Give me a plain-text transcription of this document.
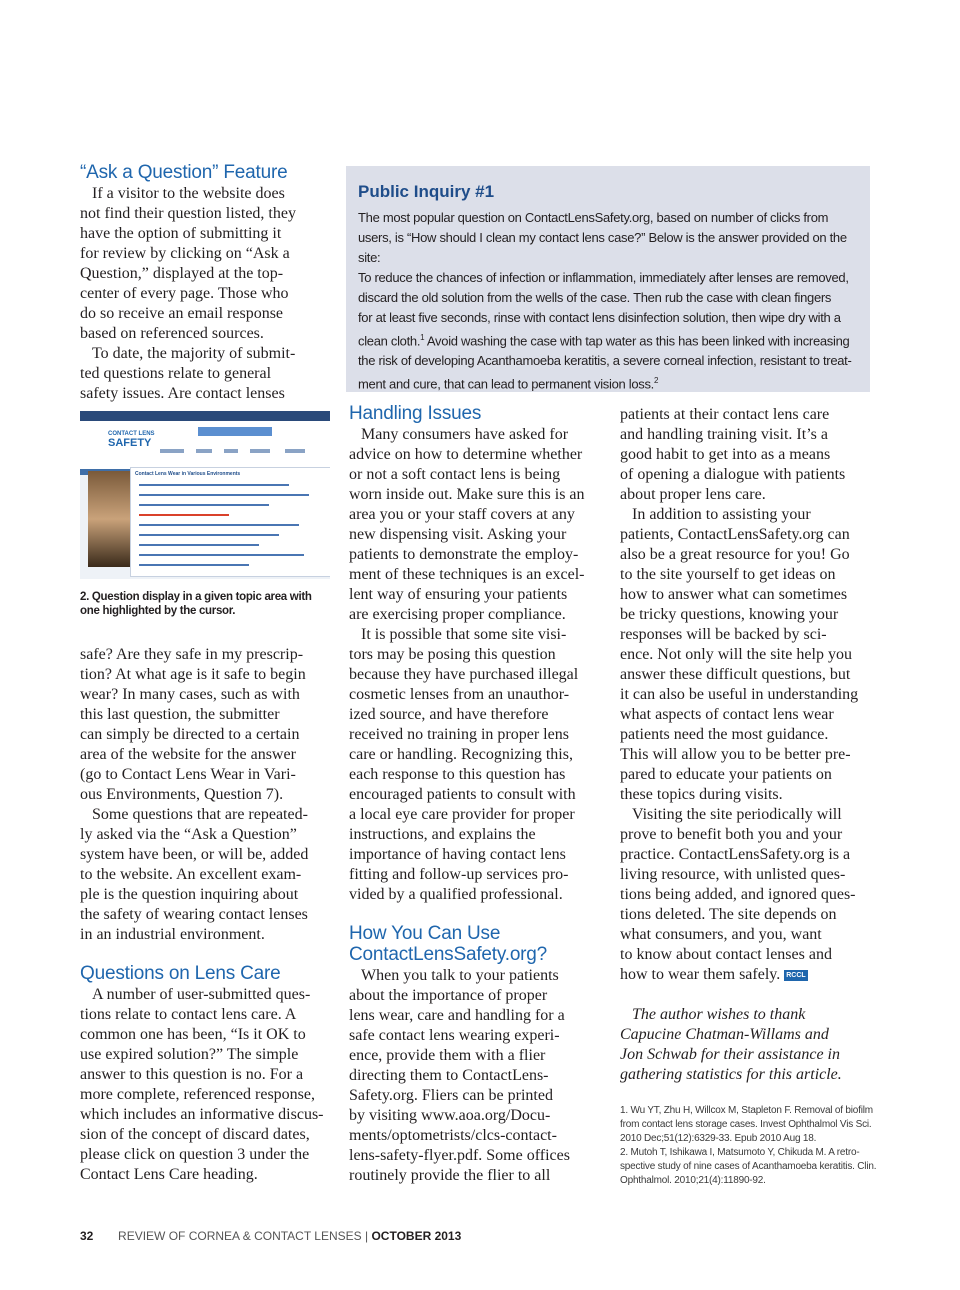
“Ask a Question” Feature
If a visitor to the website does
not find their question listed, they
have the option of submitting it
for review by clicking on “Ask a
Question,” displayed at the top-
center of every page. Those who
do so receive an email response
based on referenced sources.
To date, the majority of submit-
ted questions relate to general
safety issues. Are contact lenses
CONTACT LENS
SAFETY
Contact Lens Wear in Various Environments
2. Question display in a given topic area with
one highlighted by the cursor.
safe? Are they safe in my prescrip-
tion? At what age is it safe to begin
wear? In many cases, such as with
this last question, the submitter
can simply be directed to a certain
area of the website for the answer
(go to Contact Lens Wear in Vari-
ous Environments, Question 7).
Some questions that are repeated-
ly asked via the “Ask a Question”
system have been, or will be, added
to the website. An excellent exam-
ple is the question inquiring about
the safety of wearing contact lenses
in an industrial environment.
Questions on Lens Care
A number of user-submitted ques-
tions relate to contact lens care. A
common one has been, “Is it OK to
use expired solution?” The simple
answer to this question is no. For a
more complete, referenced response,
which includes an informative discus-
sion of the concept of discard dates,
please click on question 3 under the
Contact Lens Care heading.
Public Inquiry #1

The most popular question on ContactLensSafety.org, based on number of clicks from

users, is “How should I clean my contact lens case?” Below is the answer provided on the

site:

To reduce the chances of infection or inflammation, immediately after lenses are removed,

discard the old solution from the wells of the case. Then rub the case with clean fingers

for at least five seconds, rinse with contact lens disinfection solution, then wipe dry with a

clean cloth.$^1$ Avoid washing the case with tap water as this has been linked with increasing

the risk of developing Acanthamoeba keratitis, a severe corneal infection, resistant to treat-

ment and cure, that can lead to permanent vision loss.$^2$

Handling Issues
Many consumers have asked for
advice on how to determine whether
or not a soft contact lens is being
worn inside out. Make sure this is an
area you or your staff covers at any
new dispensing visit. Asking your
patients to demonstrate the employ-
ment of these techniques is an excel-
lent way of ensuring your patients
are exercising proper compliance.
It is possible that some site visi-
tors may be posing this question
because they have purchased illegal
cosmetic lenses from an unauthor-
ized source, and have therefore
received no training in proper lens
care or handling. Recognizing this,
each response to this question has
encouraged patients to consult with
a local eye care provider for proper
instructions, and explains the
importance of having contact lens
fitting and follow-up services pro-
vided by a qualified professional.
How You Can Use
ContactLensSafety.org?
When you talk to your patients
about the importance of proper
lens wear, care and handling for a
safe contact lens wearing experi-
ence, provide them with a flier
directing them to ContactLens-
Safety.org. Fliers can be printed
by visiting www.aoa.org/Docu-
ments/optometrists/clcs-contact-
lens-safety-flyer.pdf. Some offices
routinely provide the flier to all
patients at their contact lens care
and handling training visit. It’s a
good habit to get into as a means
of opening a dialogue with patients
about proper lens care.
In addition to assisting your
patients, ContactLensSafety.org can
also be a great resource for you! Go
to the site yourself to get ideas on
how to answer what can sometimes
be tricky questions, knowing your
responses will be backed by sci-
ence. Not only will the site help you
answer these difficult questions, but
it can also be useful in understanding
what aspects of contact lens wear
patients need the most guidance.
This will allow you to be better pre-
pared to educate your patients on
these topics during visits.
Visiting the site periodically will
prove to benefit both you and your
practice. ContactLensSafety.org is a
living resource, with unlisted ques-
tions being added, and ignored ques-
tions deleted. The site depends on
what consumers, and you, want
to know about contact lenses and
how to wear them safely. RCCL
The author wishes to thank
Capucine Chatman-Willams and
Jon Schwab for their assistance in
gathering statistics for this article.
1. Wu YT, Zhu H, Willcox M, Stapleton F. Removal of biofilm
from contact lens storage cases. Invest Ophthalmol Vis Sci.
2010 Dec;51(12):6329-33. Epub 2010 Aug 18.
2. Mutoh T, Ishikawa I, Matsumoto Y, Chikuda M. A retro-
spective study of nine cases of Acanthamoeba keratitis. Clin.
Ophthalmol. 2010;21(4):11890-92.
32 REVIEW OF CORNEA & CONTACT LENSES | OCTOBER 2013
